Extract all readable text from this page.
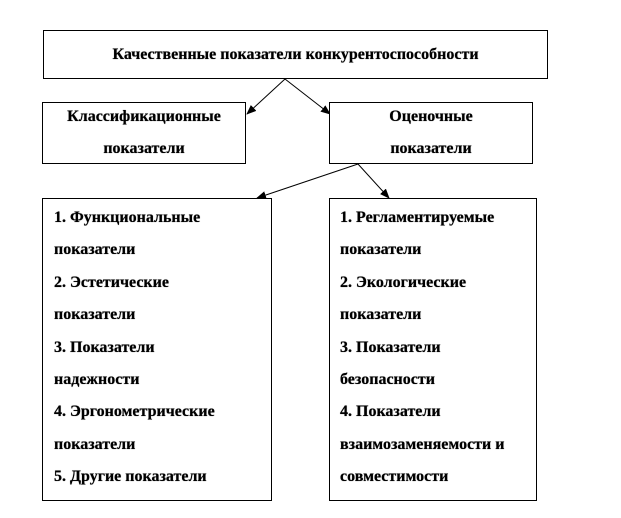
Качественные показатели конкурентоспособности
Классификационные
показатели
Оценочные
показатели
1. Функциональные
показатели
2. Эстетические
показатели
3. Показатели
надежности
4. Эргонометрические
показатели
5. Другие показатели
1. Регламентируемые
показатели
2. Экологические
показатели
3. Показатели
безопасности
4. Показатели
взаимозаменяемости и
совместимости
